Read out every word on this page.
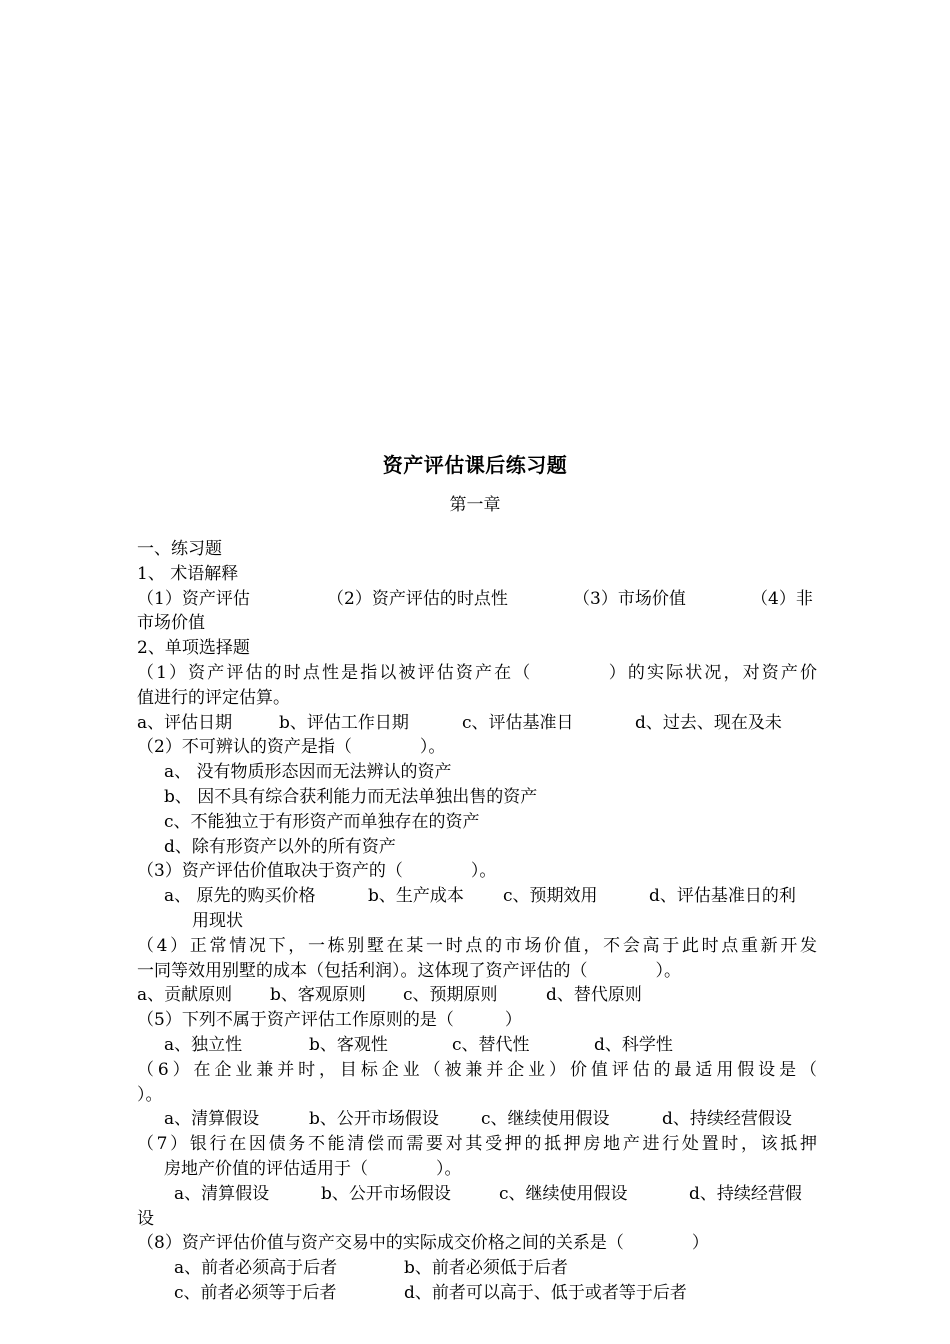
资产评估课后练习题
第一章
一、练习题
1、 术语解释
（1）资产评估	（2）资产评估的时点性	（3）市场价值	（4）非
市场价值
2、单项选择题
（1）资产评估的时点性是指以被评估资产在（　　　　）的实际状况，对资产价
值进行的评定估算。
a、评估日期	b、评估工作日期	c、评估基准日	d、过去、现在及未
（2）不可辨认的资产是指（　　　　）。
a、 没有物质形态因而无法辨认的资产
b、 因不具有综合获利能力而无法单独出售的资产
c、不能独立于有形资产而单独存在的资产
d、除有形资产以外的所有资产
（3）资产评估价值取决于资产的（　　　　）。
a、 原先的购买价格	b、生产成本 c、预期效用	d、评估基准日的利
用现状
（4）正常情况下，一栋别墅在某一时点的市场价值，不会高于此时点重新开发
一同等效用别墅的成本（包括利润）。这体现了资产评估的（　　　　）。
a、贡献原则 b、客观原则 c、预期原则	d、替代原则
（5）下列不属于资产评估工作原则的是（　　　）
a、独立性	b、客观性	c、替代性	d、科学性
（6）在企业兼并时，目标企业（被兼并企业）价值评估的最适用假设是（
）。
a、清算假设	b、公开市场假设 c、继续使用假设	d、持续经营假设
（7）银行在因债务不能清偿而需要对其受押的抵押房地产进行处置时，该抵押
房地产价值的评估适用于（　　　　）。
a、清算假设	b、公开市场假设	c、继续使用假设	d、持续经营假
设
（8）资产评估价值与资产交易中的实际成交价格之间的关系是（　　　　）
a、前者必须高于后者	b、前者必须低于后者
c、前者必须等于后者	d、前者可以高于、低于或者等于后者
